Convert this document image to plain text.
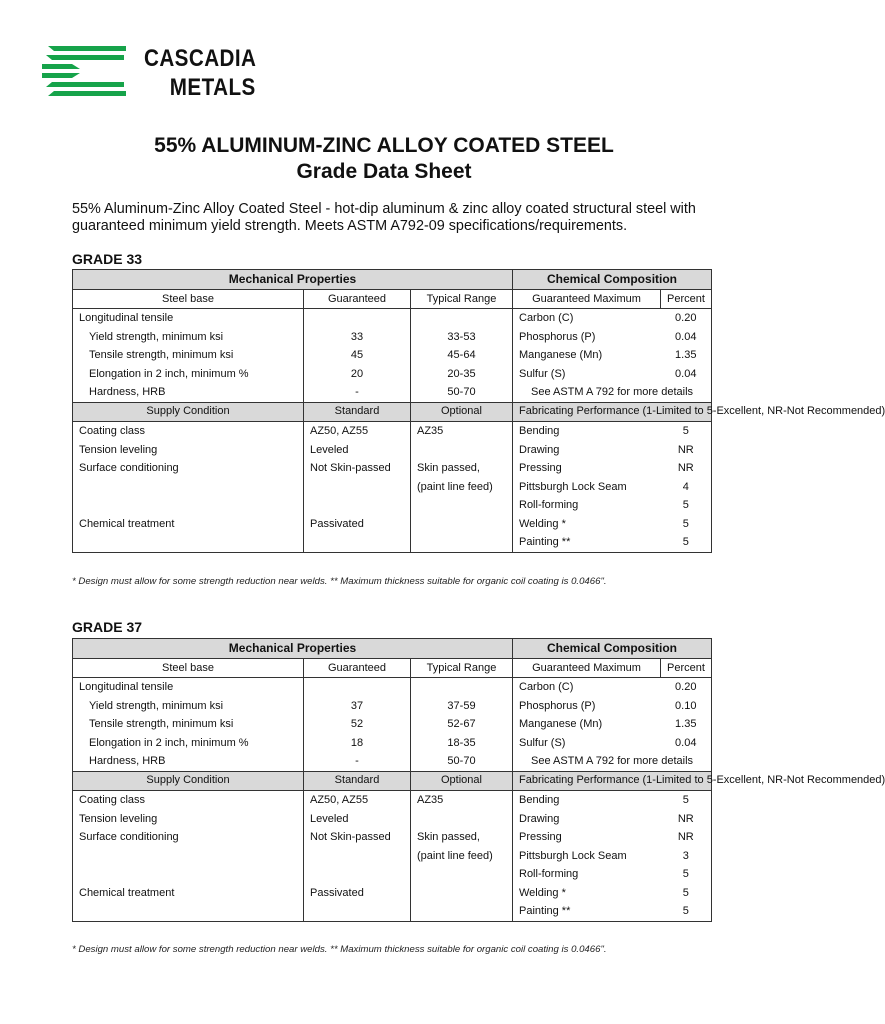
CASCADIA
METALS
55% ALUMINUM-ZINC ALLOY COATED STEEL
Grade Data Sheet
55% Aluminum-Zinc Alloy Coated Steel - hot-dip aluminum & zinc alloy coated structural steel with guaranteed minimum yield strength. Meets ASTM A792-09 specifications/requirements.
GRADE 33
Mechanical Properties			Chemical Composition	
Steel base	Guaranteed	Typical Range	Guaranteed Maximum	Percent
Longitudinal tensile			Carbon (C)	0.20
Yield strength, minimum ksi	33	33-53	Phosphorus (P)	0.04
Tensile strength, minimum ksi	45	45-64	Manganese (Mn)	1.35
Elongation in 2 inch, minimum %	20	20-35	Sulfur (S)	0.04
Hardness, HRB	-	50-70	See ASTM A 792 for more details	
Supply Condition	Standard	Optional	Fabricating Performance (1-Limited to 5-Excellent, NR-Not Recommended)	
Coating class	AZ50, AZ55	AZ35	Bending	5
Tension leveling	Leveled		Drawing	NR
Surface conditioning	Not Skin-passed	Skin passed,	Pressing	NR
		(paint line feed)	Pittsburgh Lock Seam	4
			Roll-forming	5
Chemical treatment	Passivated		Welding *	5
			Painting **	5
* Design must allow for some strength reduction near welds. ** Maximum thickness suitable for organic coil coating is 0.0466".
GRADE 37
Mechanical Properties			Chemical Composition	
Steel base	Guaranteed	Typical Range	Guaranteed Maximum	Percent
Longitudinal tensile			Carbon (C)	0.20
Yield strength, minimum ksi	37	37-59	Phosphorus (P)	0.10
Tensile strength, minimum ksi	52	52-67	Manganese (Mn)	1.35
Elongation in 2 inch, minimum %	18	18-35	Sulfur (S)	0.04
Hardness, HRB	-	50-70	See ASTM A 792 for more details	
Supply Condition	Standard	Optional	Fabricating Performance (1-Limited to 5-Excellent, NR-Not Recommended)	
Coating class	AZ50, AZ55	AZ35	Bending	5
Tension leveling	Leveled		Drawing	NR
Surface conditioning	Not Skin-passed	Skin passed,	Pressing	NR
		(paint line feed)	Pittsburgh Lock Seam	3
			Roll-forming	5
Chemical treatment	Passivated		Welding *	5
			Painting **	5
* Design must allow for some strength reduction near welds. ** Maximum thickness suitable for organic coil coating is 0.0466".
